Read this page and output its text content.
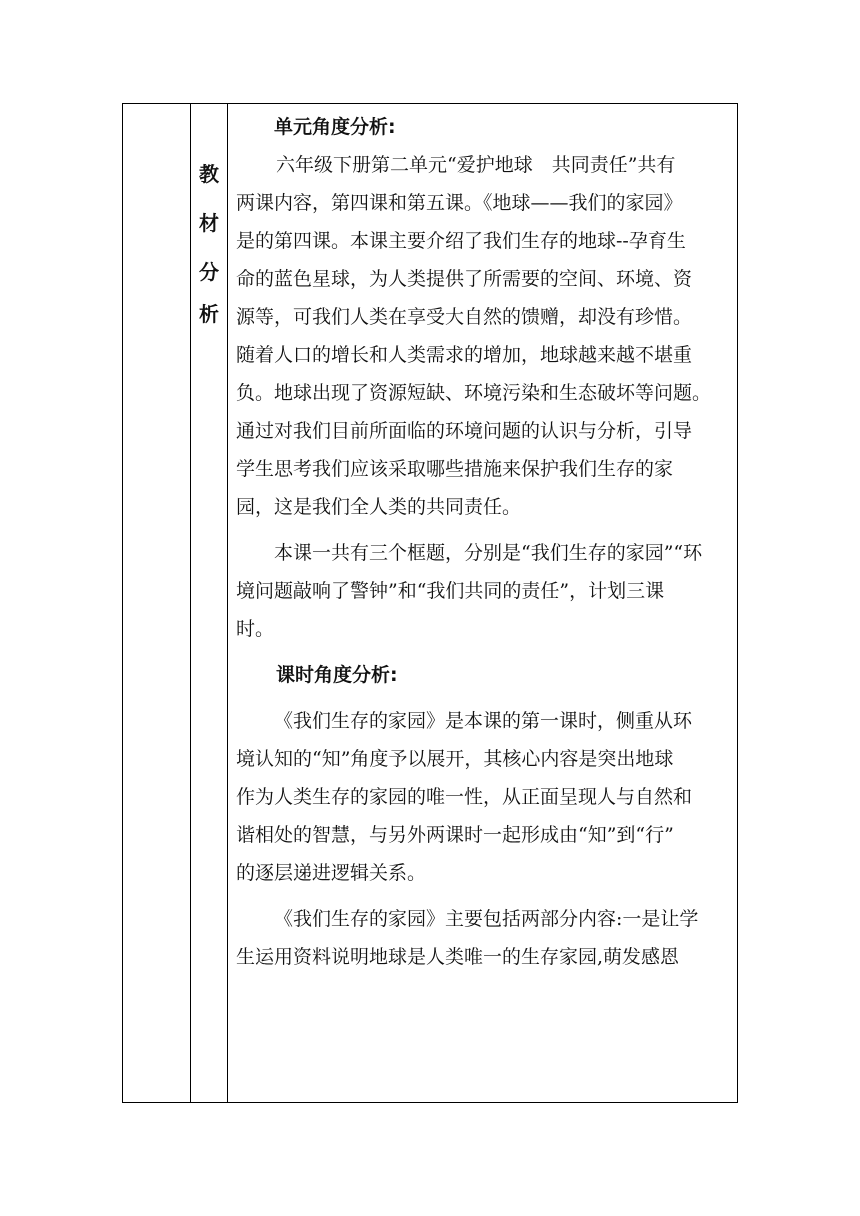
教
材
分
析
单元角度分析:
六年级下册第二单元“爱护地球　共同责任”共有
两课内容，第四课和第五课。《地球——我们的家园》
是的第四课。本课主要介绍了我们生存的地球--孕育生
命的蓝色星球，为人类提供了所需要的空间、环境、资
源等，可我们人类在享受大自然的馈赠，却没有珍惜。
随着人口的增长和人类需求的增加，地球越来越不堪重
负。地球出现了资源短缺、环境污染和生态破坏等问题。
通过对我们目前所面临的环境问题的认识与分析，引导
学生思考我们应该采取哪些措施来保护我们生存的家
园，这是我们全人类的共同责任。
本课一共有三个框题，分别是“我们生存的家园”“环
境问题敲响了警钟”和“我们共同的责任”，计划三课
时。
课时角度分析:
《我们生存的家园》是本课的第一课时，侧重从环
境认知的“知”角度予以展开，其核心内容是突出地球
作为人类生存的家园的唯一性，从正面呈现人与自然和
谐相处的智慧，与另外两课时一起形成由“知”到“行”
的逐层递进逻辑关系。
《我们生存的家园》主要包括两部分内容:一是让学
生运用资料说明地球是人类唯一的生存家园,萌发感恩
